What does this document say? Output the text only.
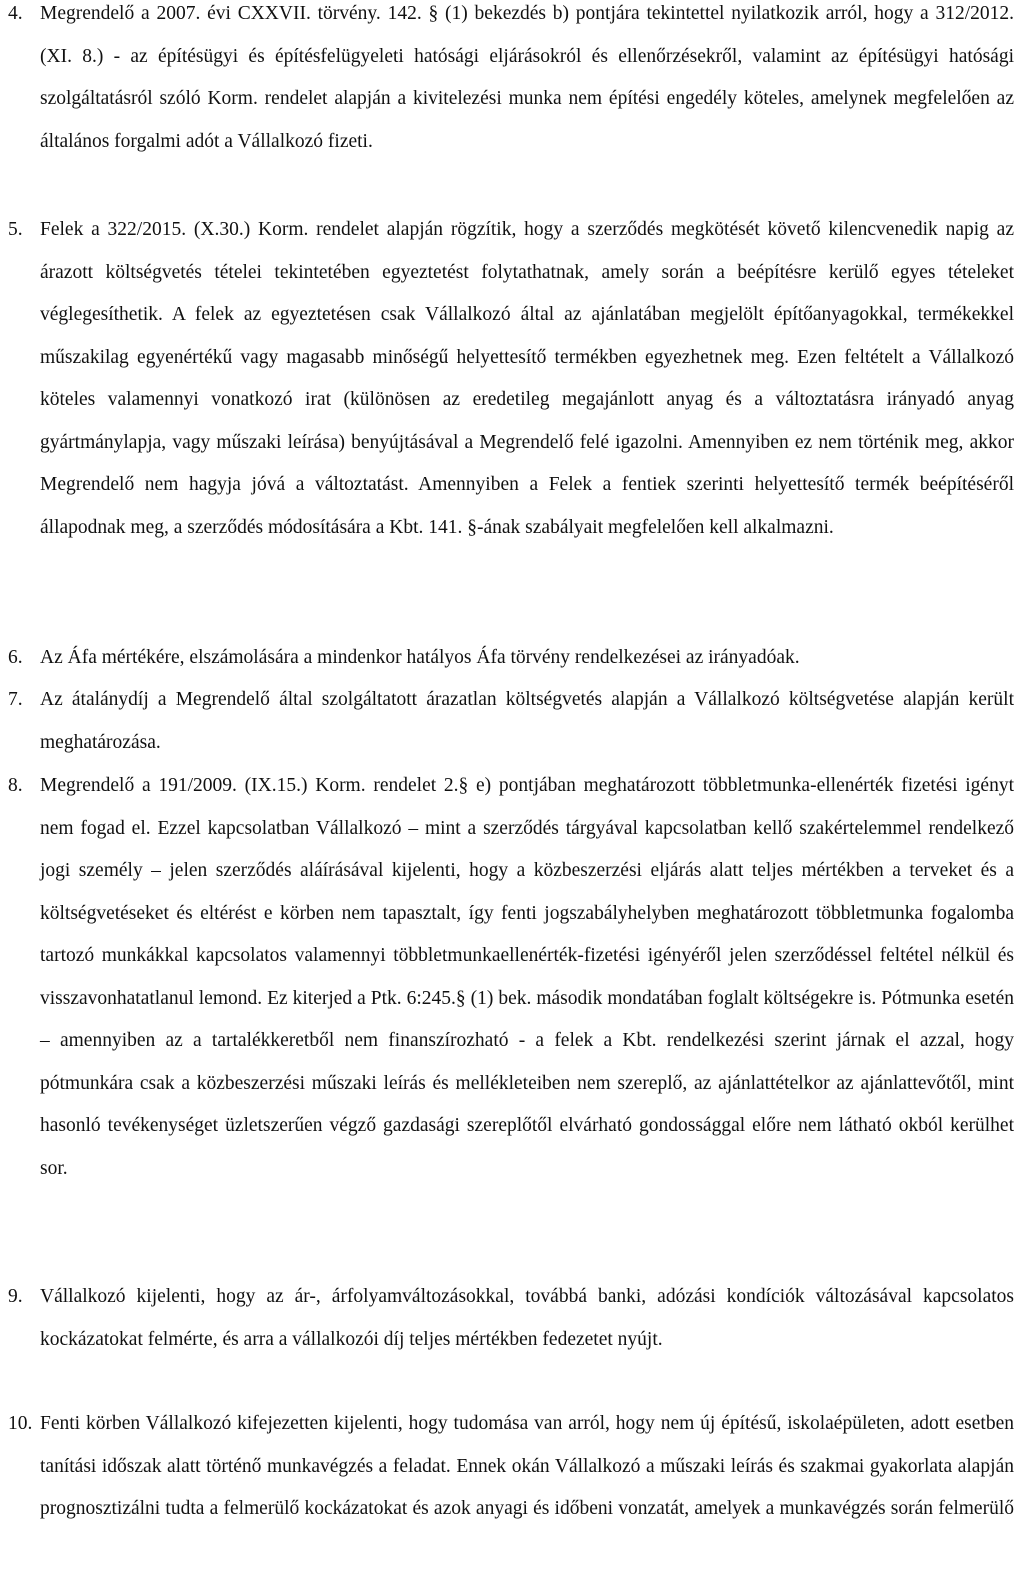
4. Megrendelő a 2007. évi CXXVII. törvény. 142. § (1) bekezdés b) pontjára tekintettel nyilatkozik arról, hogy a 312/2012. (XI. 8.) - az építésügyi és építésfelügyeleti hatósági eljárásokról és ellenőrzésekről, valamint az építésügyi hatósági szolgáltatásról szóló Korm. rendelet alapján a kivitelezési munka nem építési engedély köteles, amelynek megfelelően az általános forgalmi adót a Vállalkozó fizeti.
5. Felek a 322/2015. (X.30.) Korm. rendelet alapján rögzítik, hogy a szerződés megkötését követő kilencvenedik napig az árazott költségvetés tételei tekintetében egyeztetést folytathatnak, amely során a beépítésre kerülő egyes tételeket véglegesíthetik. A felek az egyeztetésen csak Vállalkozó által az ajánlatában megjelölt építőanyagokkal, termékekkel műszakilag egyenértékű vagy magasabb minőségű helyettesítő termékben egyezhetnek meg. Ezen feltételt a Vállalkozó köteles valamennyi vonatkozó irat (különösen az eredetileg megajánlott anyag és a változtatásra irányadó anyag gyártmánylapja, vagy műszaki leírása) benyújtásával a Megrendelő felé igazolni. Amennyiben ez nem történik meg, akkor Megrendelő nem hagyja jóvá a változtatást. Amennyiben a Felek a fentiek szerinti helyettesítő termék beépítéséről állapodnak meg, a szerződés módosítására a Kbt. 141. §-ának szabályait megfelelően kell alkalmazni.
6. Az Áfa mértékére, elszámolására a mindenkor hatályos Áfa törvény rendelkezései az irányadóak.
7. Az átalánydíj a Megrendelő által szolgáltatott árazatlan költségvetés alapján a Vállalkozó költségvetése alapján került meghatározása.
8. Megrendelő a 191/2009. (IX.15.) Korm. rendelet 2.§ e) pontjában meghatározott többletmunka-ellenérték fizetési igényt nem fogad el. Ezzel kapcsolatban Vállalkozó – mint a szerződés tárgyával kapcsolatban kellő szakértelemmel rendelkező jogi személy – jelen szerződés aláírásával kijelenti, hogy a közbeszerzési eljárás alatt teljes mértékben a terveket és a költségvetéseket és eltérést e körben nem tapasztalt, így fenti jogszabályhelyben meghatározott többletmunka fogalomba tartozó munkákkal kapcsolatos valamennyi többletmunkaellenérték-fizetési igényéről jelen szerződéssel feltétel nélkül és visszavonhatatlanul lemond. Ez kiterjed a Ptk. 6:245.§ (1) bek. második mondatában foglalt költségekre is. Pótmunka esetén – amennyiben az a tartalékkeretből nem finanszírozható - a felek a Kbt. rendelkezési szerint járnak el azzal, hogy pótmunkára csak a közbeszerzési műszaki leírás és mellékleteiben nem szereplő, az ajánlattételkor az ajánlattevőtől, mint hasonló tevékenységet üzletszerűen végző gazdasági szereplőtől elvárható gondossággal előre nem látható okból kerülhet sor.
9. Vállalkozó kijelenti, hogy az ár-, árfolyamváltozásokkal, továbbá banki, adózási kondíciók változásával kapcsolatos kockázatokat felmérte, és arra a vállalkozói díj teljes mértékben fedezetet nyújt.
10. Fenti körben Vállalkozó kifejezetten kijelenti, hogy tudomása van arról, hogy nem új építésű, iskolaépületen, adott esetben tanítási időszak alatt történő munkavégzés a feladat. Ennek okán Vállalkozó a műszaki leírás és szakmai gyakorlata alapján prognosztizálni tudta a felmerülő kockázatokat és azok anyagi és időbeni vonzatát, amelyek a munkavégzés során felmerülő
